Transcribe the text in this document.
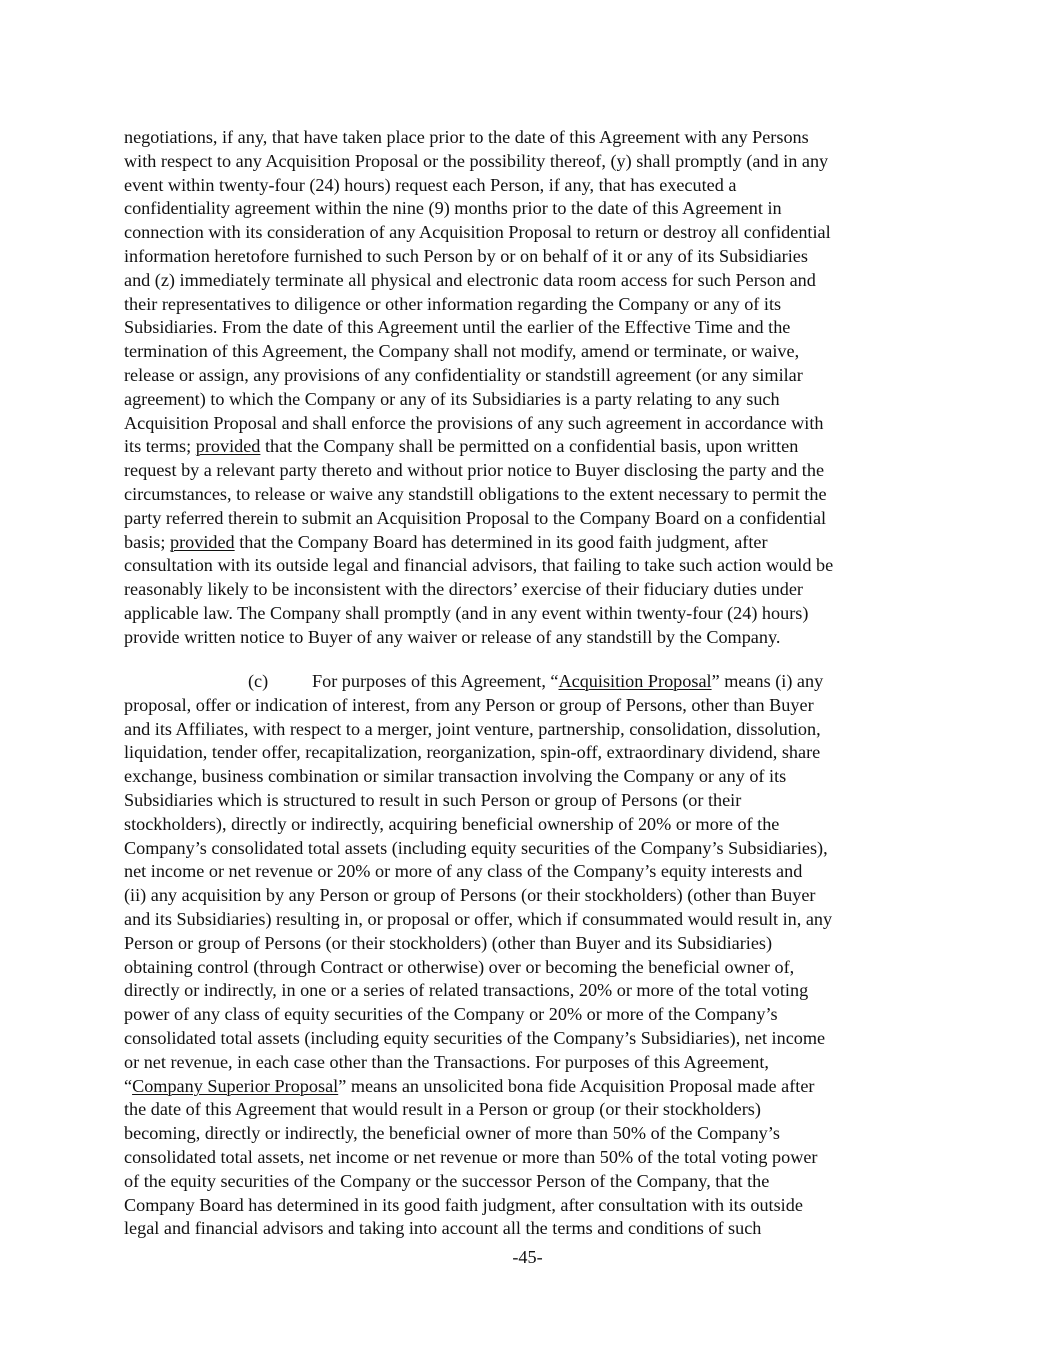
negotiations, if any, that have taken place prior to the date of this Agreement with any Persons
with respect to any Acquisition Proposal or the possibility thereof, (y) shall promptly (and in any
event within twenty-four (24) hours) request each Person, if any, that has executed a
confidentiality agreement within the nine (9) months prior to the date of this Agreement in
connection with its consideration of any Acquisition Proposal to return or destroy all confidential
information heretofore furnished to such Person by or on behalf of it or any of its Subsidiaries
and (z) immediately terminate all physical and electronic data room access for such Person and
their representatives to diligence or other information regarding the Company or any of its
Subsidiaries. From the date of this Agreement until the earlier of the Effective Time and the
termination of this Agreement, the Company shall not modify, amend or terminate, or waive,
release or assign, any provisions of any confidentiality or standstill agreement (or any similar
agreement) to which the Company or any of its Subsidiaries is a party relating to any such
Acquisition Proposal and shall enforce the provisions of any such agreement in accordance with
its terms; provided that the Company shall be permitted on a confidential basis, upon written
request by a relevant party thereto and without prior notice to Buyer disclosing the party and the
circumstances, to release or waive any standstill obligations to the extent necessary to permit the
party referred therein to submit an Acquisition Proposal to the Company Board on a confidential
basis; provided that the Company Board has determined in its good faith judgment, after
consultation with its outside legal and financial advisors, that failing to take such action would be
reasonably likely to be inconsistent with the directors’ exercise of their fiduciary duties under
applicable law. The Company shall promptly (and in any event within twenty-four (24) hours)
provide written notice to Buyer of any waiver or release of any standstill by the Company.
(c) For purposes of this Agreement, “Acquisition Proposal” means (i) any
proposal, offer or indication of interest, from any Person or group of Persons, other than Buyer
and its Affiliates, with respect to a merger, joint venture, partnership, consolidation, dissolution,
liquidation, tender offer, recapitalization, reorganization, spin-off, extraordinary dividend, share
exchange, business combination or similar transaction involving the Company or any of its
Subsidiaries which is structured to result in such Person or group of Persons (or their
stockholders), directly or indirectly, acquiring beneficial ownership of 20% or more of the
Company’s consolidated total assets (including equity securities of the Company’s Subsidiaries),
net income or net revenue or 20% or more of any class of the Company’s equity interests and
(ii) any acquisition by any Person or group of Persons (or their stockholders) (other than Buyer
and its Subsidiaries) resulting in, or proposal or offer, which if consummated would result in, any
Person or group of Persons (or their stockholders) (other than Buyer and its Subsidiaries)
obtaining control (through Contract or otherwise) over or becoming the beneficial owner of,
directly or indirectly, in one or a series of related transactions, 20% or more of the total voting
power of any class of equity securities of the Company or 20% or more of the Company’s
consolidated total assets (including equity securities of the Company’s Subsidiaries), net income
or net revenue, in each case other than the Transactions. For purposes of this Agreement,
“Company Superior Proposal” means an unsolicited bona fide Acquisition Proposal made after
the date of this Agreement that would result in a Person or group (or their stockholders)
becoming, directly or indirectly, the beneficial owner of more than 50% of the Company’s
consolidated total assets, net income or net revenue or more than 50% of the total voting power
of the equity securities of the Company or the successor Person of the Company, that the
Company Board has determined in its good faith judgment, after consultation with its outside
legal and financial advisors and taking into account all the terms and conditions of such
-45-
